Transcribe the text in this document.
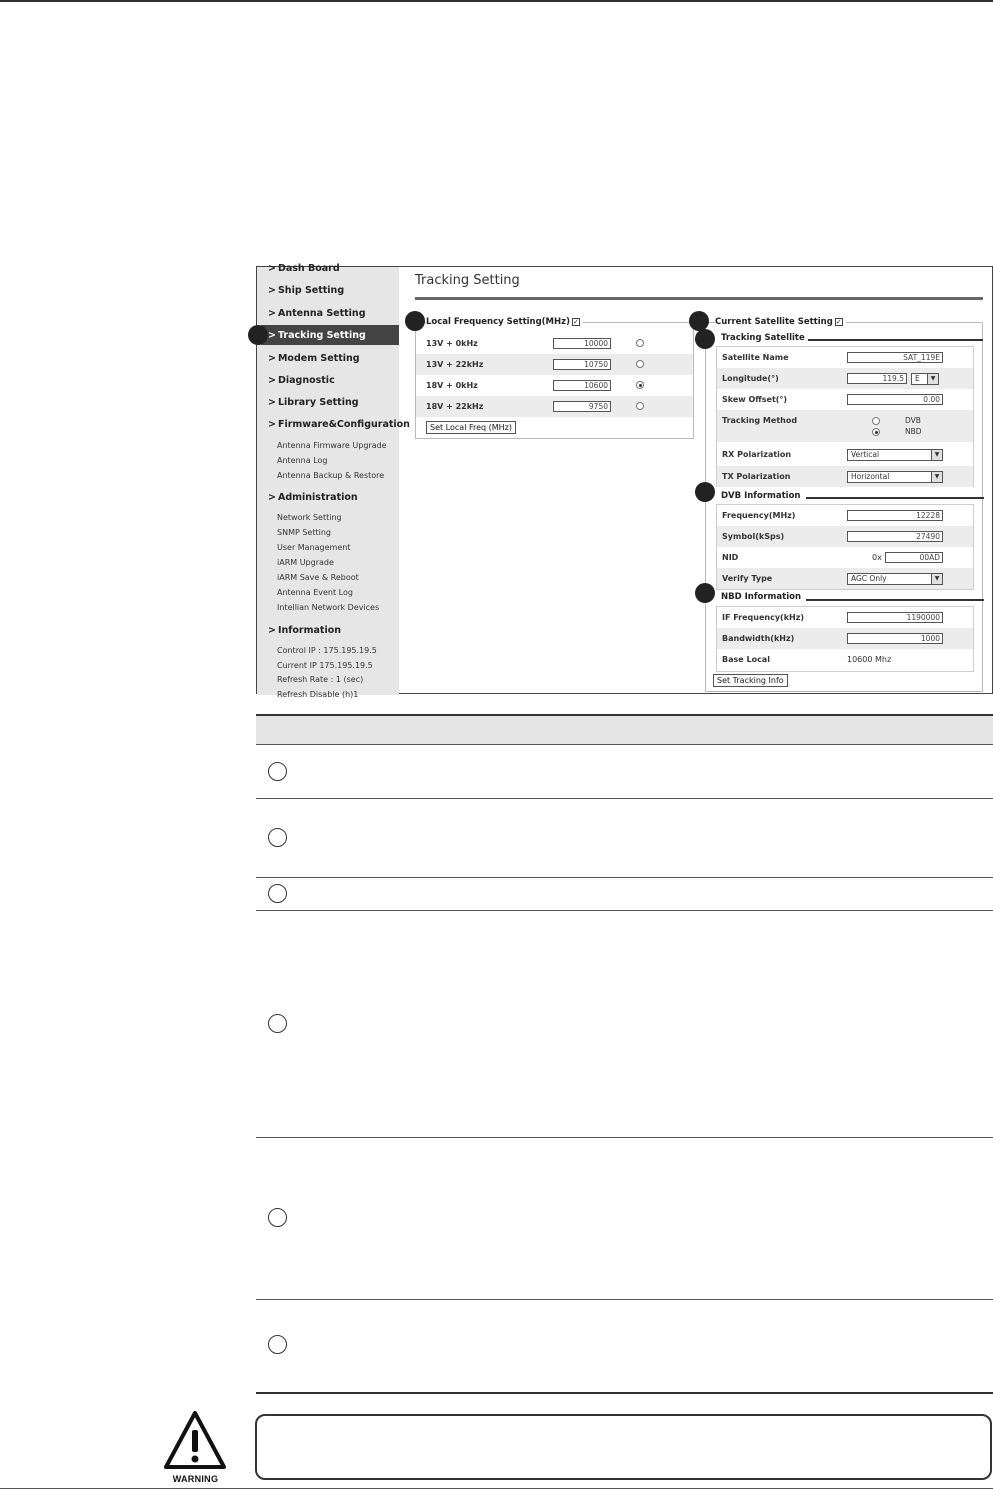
> Dash Board
> Ship Setting
> Antenna Setting
> Tracking Setting
> Modem Setting
> Diagnostic
> Library Setting
> Firmware&Configuration
Antenna Firmware Upgrade
Antenna Log
Antenna Backup & Restore
> Administration
Network Setting
SNMP Setting
User Management
iARM Upgrade
iARM Save & Reboot
Antenna Event Log
Intellian Network Devices
> Information
Control IP : 175.195.19.5
Current IP 175.195.19.5
Refresh Rate : 1 (sec)
Refresh Disable (h)1
Tracking Setting
13V + 0kHz	10000
13V + 22kHz	10750
18V + 0kHz	10600
18V + 22kHz	9750
Set Local Freq (MHz)
Local Frequency Setting(MHz) ✓
Satellite Name	SAT_119E
Longitude(°)	119.5	E	▼
Skew Offset(°)	0.00
Tracking Method	DVB
NBD
RX Polarization	Vertical	▼
TX Polarization	Horizontal	▼
Frequency(MHz)	12228
Symbol(kSps)	27490
NID	0x	00AD
Verify Type	AGC Only	▼
IF Frequency(kHz)	1190000
Bandwidth(kHz)	1000
Base Local	10600 Mhz
Set Tracking Info
Current Satellite Setting ✓
Tracking Satellite
DVB Information
NBD Information
WARNING
